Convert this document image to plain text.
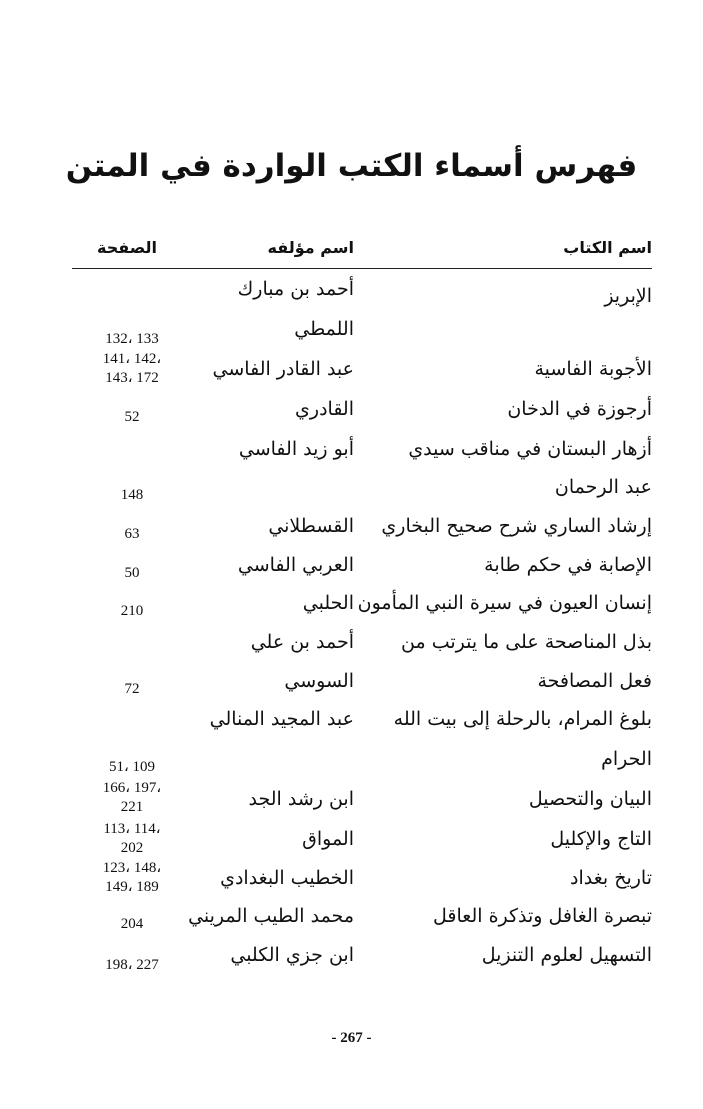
فهرس أسماء الكتب الواردة في المتن
اسم الكتاب
اسم مؤلفه
الصفحة
الإبريز
أحمد بن مبارك
اللمطي
132، 133
الأجوبة الفاسية
عبد القادر الفاسي
141، 142،
143، 172
أرجوزة في الدخان
القادري
52
أزهار البستان في مناقب سيدي
أبو زيد الفاسي
عبد الرحمان
148
إرشاد الساري شرح صحيح البخاري
القسطلاني
63
الإصابة في حكم طابة
العربي الفاسي
50
إنسان العيون في سيرة النبي المأمون
الحلبي
210
بذل المناصحة على ما يترتب من
أحمد بن علي
فعل المصافحة
السوسي
72
بلوغ المرام، بالرحلة إلى بيت الله
عبد المجيد المنالي
الحرام
51، 109
البيان والتحصيل
ابن رشد الجد
166، 197،
221
التاج والإكليل
المواق
113، 114،
202
تاريخ بغداد
الخطيب البغدادي
123، 148،
149، 189
تبصرة الغافل وتذكرة العاقل
محمد الطيب المريني
204
التسهيل لعلوم التنزيل
ابن جزي الكلبي
198، 227
- 267 -
